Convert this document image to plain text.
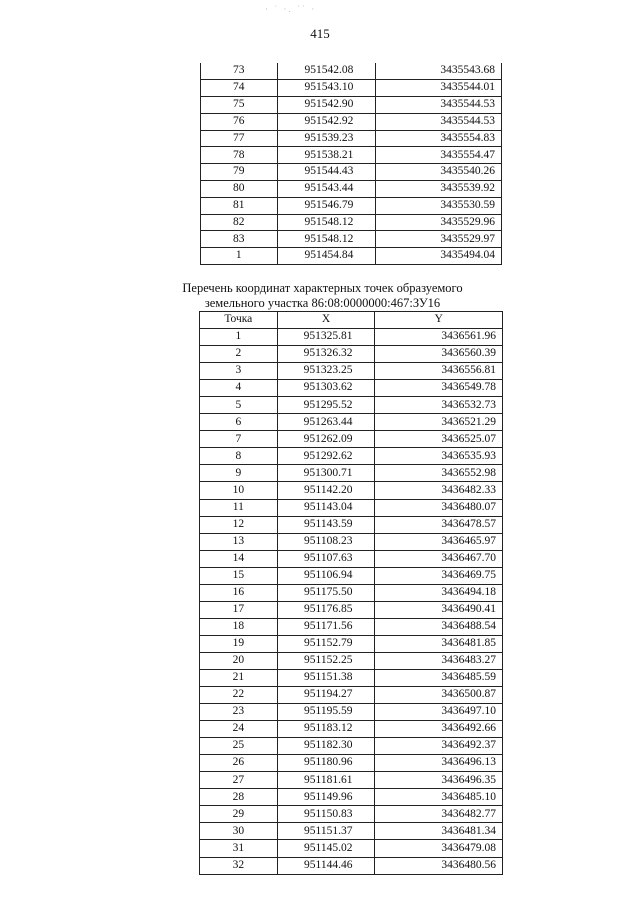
· ˙ ·. ˙˙ ·
415
73	951542.08	3435543.68
74	951543.10	3435544.01
75	951542.90	3435544.53
76	951542.92	3435544.53
77	951539.23	3435554.83
78	951538.21	3435554.47
79	951544.43	3435540.26
80	951543.44	3435539.92
81	951546.79	3435530.59
82	951548.12	3435529.96
83	951548.12	3435529.97
1	951454.84	3435494.04
Перечень координат характерных точек образуемого
земельного участка 86:08:0000000:467:ЗУ16
Точка	X	Y
1	951325.81	3436561.96
2	951326.32	3436560.39
3	951323.25	3436556.81
4	951303.62	3436549.78
5	951295.52	3436532.73
6	951263.44	3436521.29
7	951262.09	3436525.07
8	951292.62	3436535.93
9	951300.71	3436552.98
10	951142.20	3436482.33
11	951143.04	3436480.07
12	951143.59	3436478.57
13	951108.23	3436465.97
14	951107.63	3436467.70
15	951106.94	3436469.75
16	951175.50	3436494.18
17	951176.85	3436490.41
18	951171.56	3436488.54
19	951152.79	3436481.85
20	951152.25	3436483.27
21	951151.38	3436485.59
22	951194.27	3436500.87
23	951195.59	3436497.10
24	951183.12	3436492.66
25	951182.30	3436492.37
26	951180.96	3436496.13
27	951181.61	3436496.35
28	951149.96	3436485.10
29	951150.83	3436482.77
30	951151.37	3436481.34
31	951145.02	3436479.08
32	951144.46	3436480.56
